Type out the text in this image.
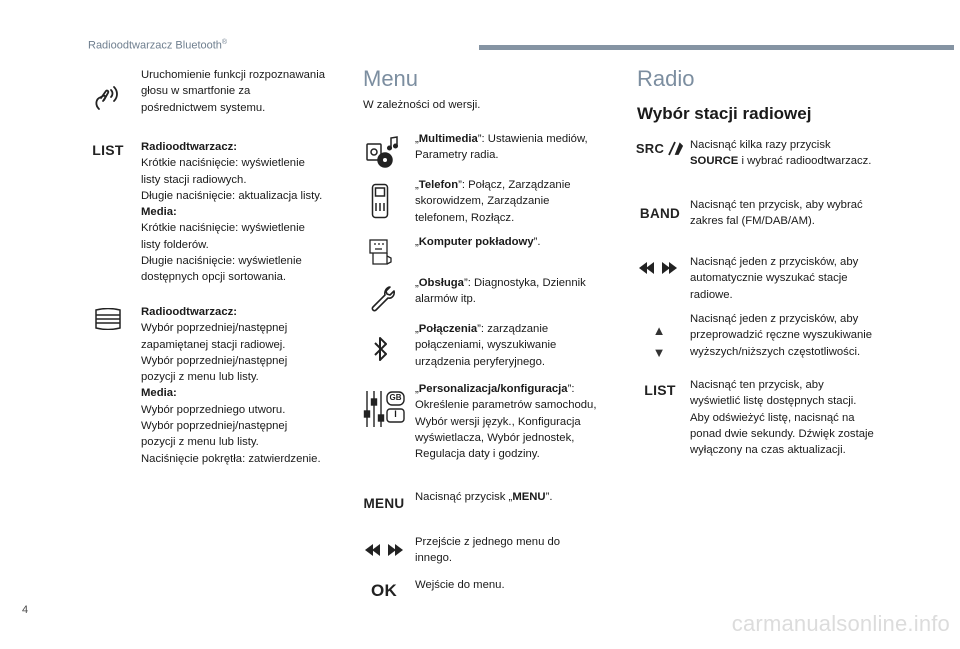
Radioodtwarzacz Bluetooth®
Uruchomienie funkcji rozpoznawania
głosu w smartfonie za
pośrednictwem systemu.
LIST Radioodtwarzacz:
Krótkie naciśnięcie: wyświetlenie
listy stacji radiowych.
Długie naciśnięcie: aktualizacja listy.
Media:
Krótkie naciśnięcie: wyświetlenie
listy folderów.
Długie naciśnięcie: wyświetlenie
dostępnych opcji sortowania.
Radioodtwarzacz:
Wybór poprzedniej/następnej
zapamiętanej stacji radiowej.
Wybór poprzedniej/następnej
pozycji z menu lub listy.
Media:
Wybór poprzedniego utworu.
Wybór poprzedniej/następnej
pozycji z menu lub listy.
Naciśnięcie pokrętła: zatwierdzenie.
Menu
W zależności od wersji.
„Multimedia”: Ustawienia mediów,
Parametry radia.
„Telefon”: Połącz, Zarządzanie
skorowidzem, Zarządzanie
telefonem, Rozłącz.
„Komputer pokładowy”.
„Obsługa”: Diagnostyka, Dziennik
alarmów itp.
„Połączenia”: zarządzanie
połączeniami, wyszukiwanie
urządzenia peryferyjnego.
GB
I
„Personalizacja/konfiguracja”:
Określenie parametrów samochodu,
Wybór wersji język., Konfiguracja
wyświetlacza, Wybór jednostek,
Regulacja daty i godziny.
MENU Nacisnąć przycisk „MENU”.
Przejście z jednego menu do
innego.
OK Wejście do menu.
Radio
Wybór stacji radiowej
SRC Nacisnąć kilka razy przycisk
SOURCE i wybrać radioodtwarzacz.
BAND
Nacisnąć ten przycisk, aby wybrać
zakres fal (FM/DAB/AM).
Nacisnąć jeden z przycisków, aby
automatycznie wyszukać stacje
radiowe.
▲
▼
Nacisnąć jeden z przycisków, aby
przeprowadzić ręczne wyszukiwanie
wyższych/niższych częstotliwości.
LIST Nacisnąć ten przycisk, aby
wyświetlić listę dostępnych stacji.
Aby odświeżyć listę, nacisnąć na
ponad dwie sekundy. Dźwięk zostaje
wyłączony na czas aktualizacji.
4
carmanualsonline.info
